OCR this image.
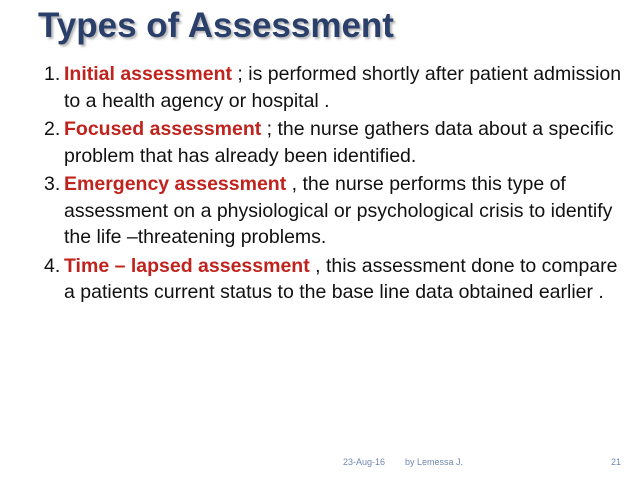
Types of Assessment
1. Initial assessment ; is performed shortly after patient admission to a health agency or hospital .
2. Focused assessment ; the nurse gathers data about a specific problem that has already been identified.
3. Emergency assessment , the nurse performs this type of assessment on a physiological or psychological crisis to identify the life –threatening problems.
4. Time – lapsed assessment , this assessment done to compare a patients current status to the base line data obtained earlier .
23-Aug-16 by Lemessa J.	21
